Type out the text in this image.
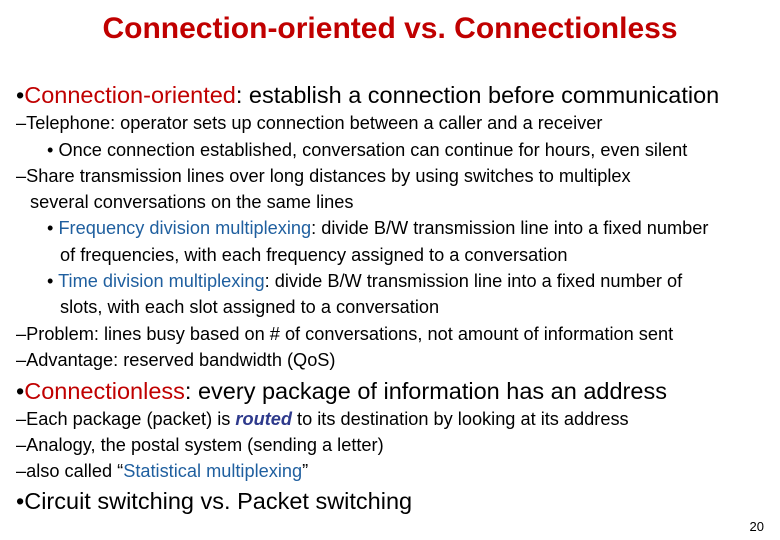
Connection-oriented vs. Connectionless
•Connection-oriented: establish a connection before communication
–Telephone: operator sets up connection between a caller and a receiver
• Once connection established, conversation can continue for hours, even silent
–Share transmission lines over long distances by using switches to multiplex
several conversations on the same lines
• Frequency division multiplexing: divide B/W transmission line into a fixed number
of frequencies, with each frequency assigned to a conversation
• Time division multiplexing: divide B/W transmission line into a fixed number of
slots, with each slot assigned to a conversation
–Problem: lines busy based on # of conversations, not amount of information sent
–Advantage: reserved bandwidth (QoS)
•Connectionless: every package of information has an address
–Each package (packet) is routed to its destination by looking at its address
–Analogy, the postal system (sending a letter)
–also called “Statistical multiplexing”
•Circuit switching vs. Packet switching
20
